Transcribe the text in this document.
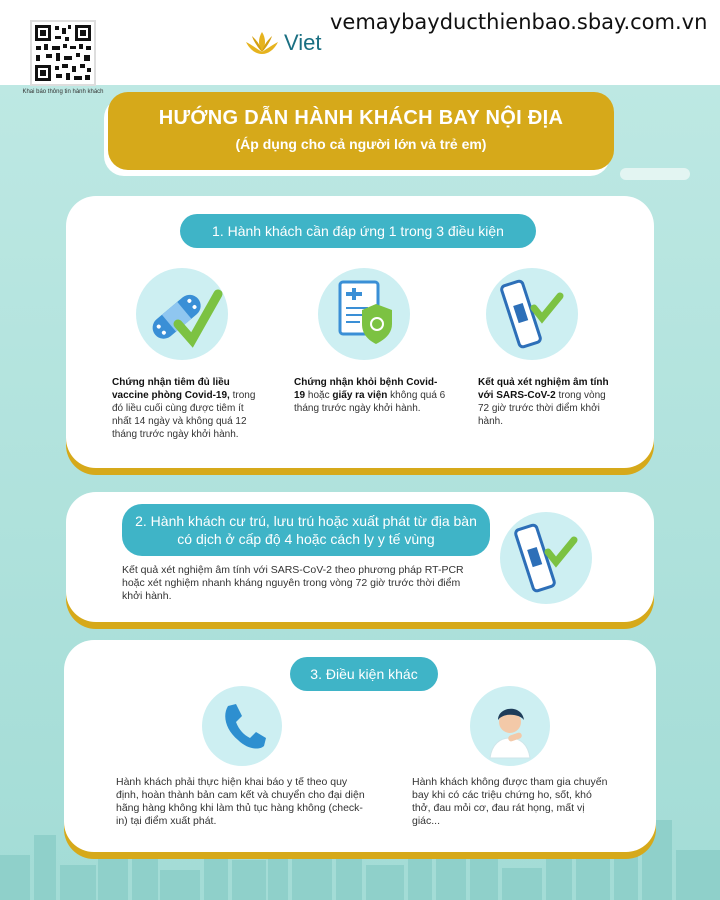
Khai báo thông tin hành khách
Viet
vemaybayducthienbao.sbay.com.vn
HƯỚNG DẪN HÀNH KHÁCH BAY NỘI ĐỊA
(Áp dụng cho cả người lớn và trẻ em)
1. Hành khách cần đáp ứng 1 trong 3 điều kiện
Chứng nhận tiêm đủ liều vaccine phòng Covid-19, trong đó liều cuối cùng được tiêm ít nhất 14 ngày và không quá 12 tháng trước ngày khởi hành.
Chứng nhận khỏi bệnh Covid-19 hoặc giấy ra viện không quá 6 tháng trước ngày khởi hành.
Kết quả xét nghiệm âm tính với SARS-CoV-2 trong vòng 72 giờ trước thời điểm khởi hành.
2. Hành khách cư trú, lưu trú hoặc xuất phát từ địa bàn có dịch ở cấp độ 4 hoặc cách ly y tế vùng
Kết quả xét nghiệm âm tính với SARS-CoV-2 theo phương pháp RT-PCR hoặc xét nghiệm nhanh kháng nguyên trong vòng 72 giờ trước thời điểm khởi hành.
3. Điều kiện khác
Hành khách phải thực hiện khai báo y tế theo quy định, hoàn thành bản cam kết và chuyển cho đại diện hãng hàng không khi làm thủ tục hàng không (check-in) tại điểm xuất phát.
Hành khách không được tham gia chuyến bay khi có các triệu chứng ho, sốt, khó thở, đau mỏi cơ, đau rát họng, mất vị giác...
